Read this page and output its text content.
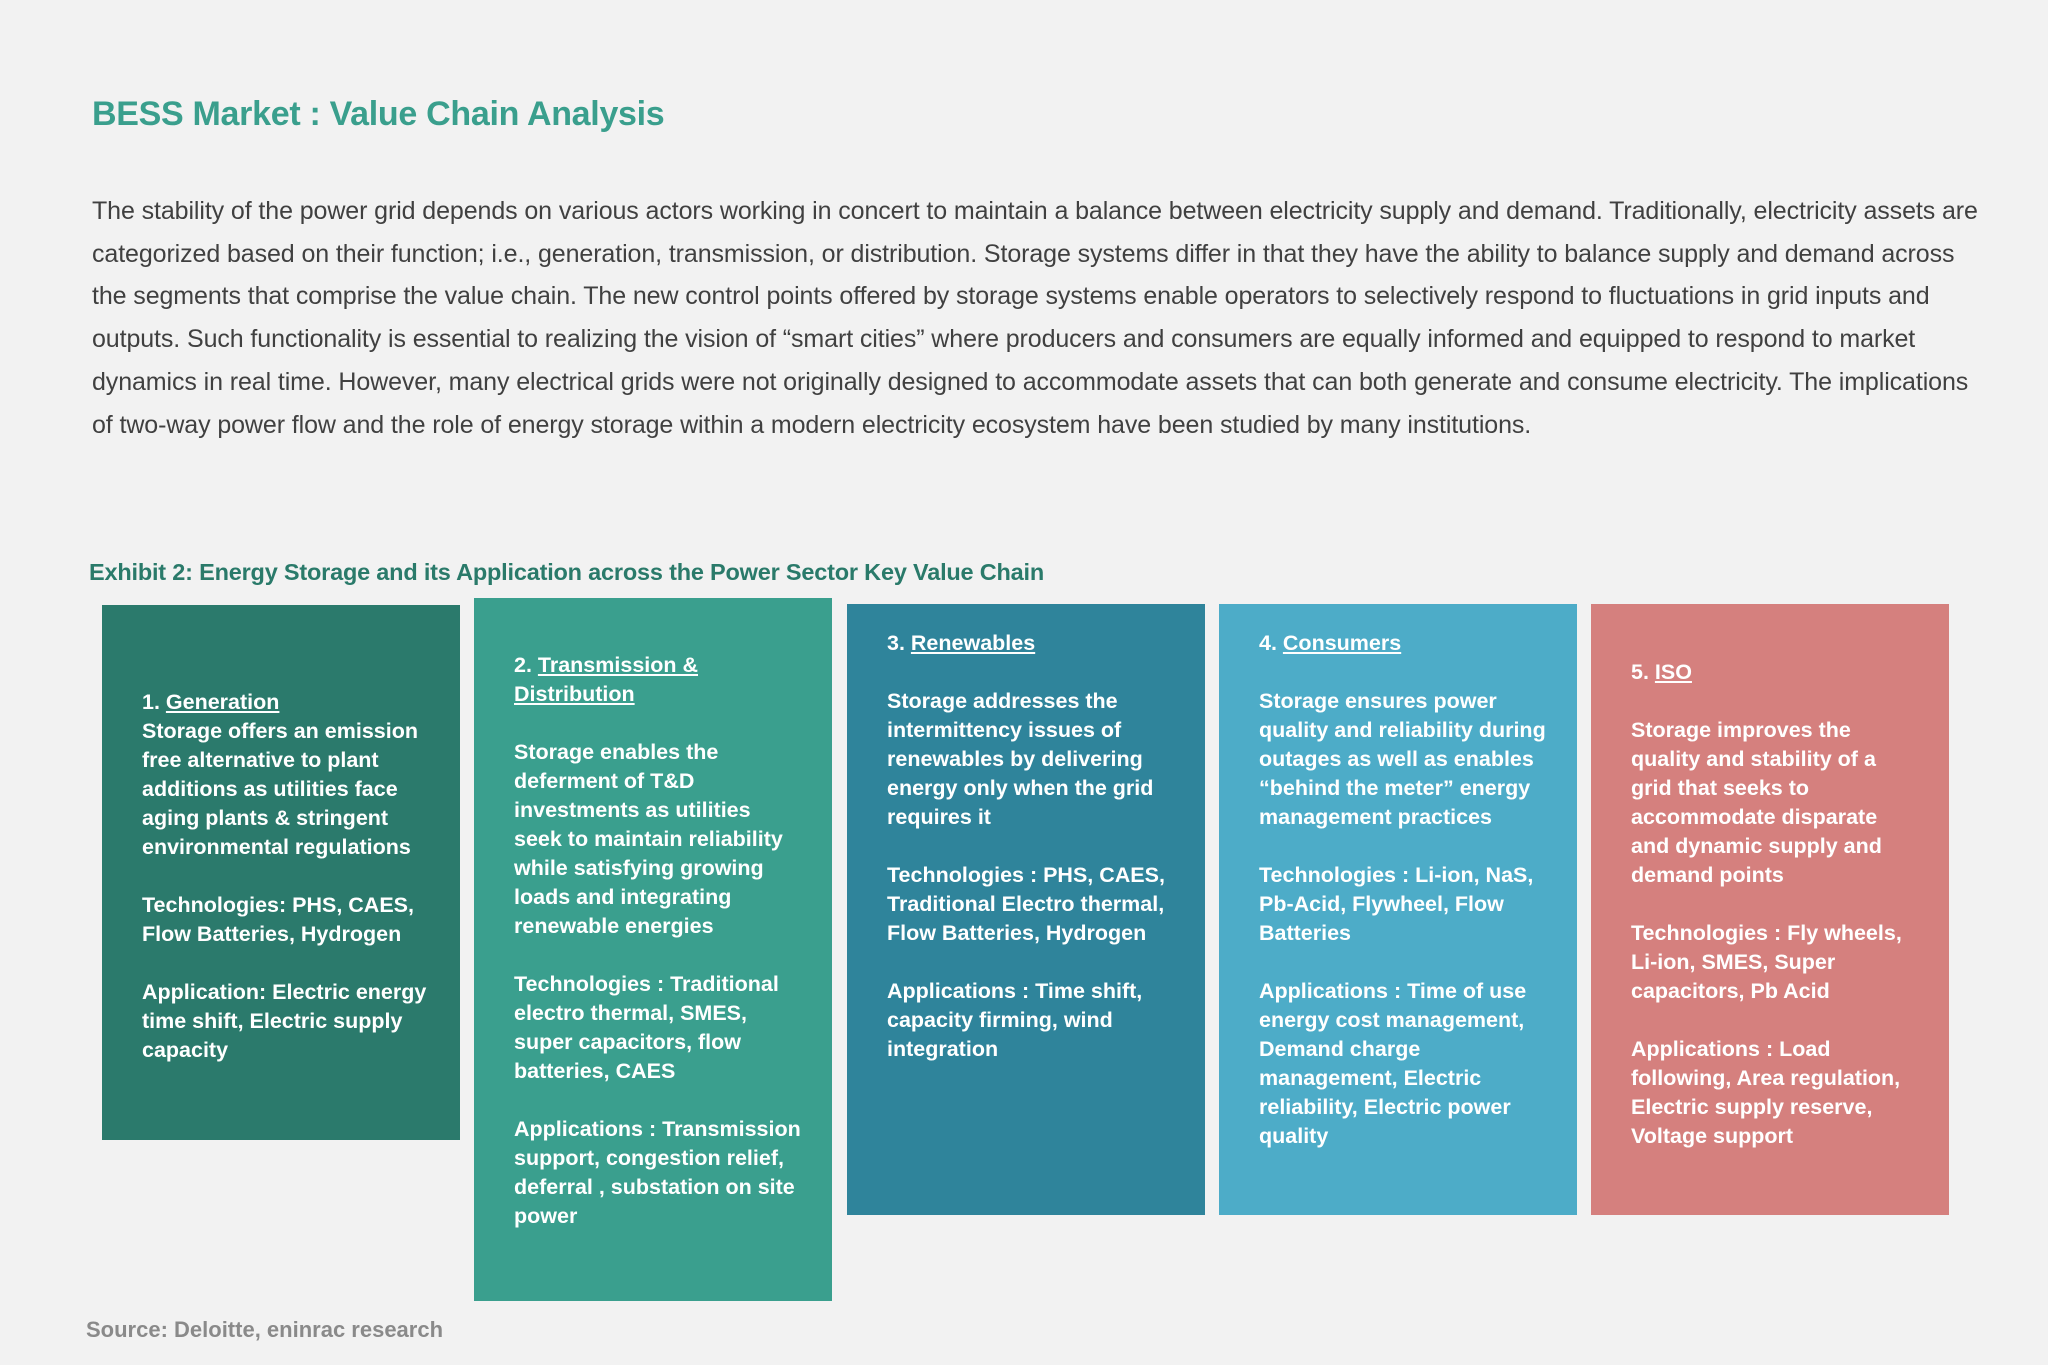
BESS Market : Value Chain Analysis

The stability of the power grid depends on various actors working in concert to maintain a balance between electricity supply and demand. Traditionally, electricity assets are categorized based on their function; i.e., generation, transmission, or distribution. Storage systems differ in that they have the ability to balance supply and demand across the segments that comprise the value chain. The new control points offered by storage systems enable operators to selectively respond to fluctuations in grid inputs and outputs. Such functionality is essential to realizing the vision of “smart cities” where producers and consumers are equally informed and equipped to respond to market dynamics in real time. However, many electrical grids were not originally designed to accommodate assets that can both generate and consume electricity. The implications of two-way power flow and the role of energy storage within a modern electricity ecosystem have been studied by many institutions.

Exhibit 2: Energy Storage and its Application across the Power Sector Key Value Chain

1. Generation
Storage offers an emission free alternative to plant additions as utilities face aging plants & stringent environmental regulations

Technologies: PHS, CAES, Flow Batteries, Hydrogen

Application: Electric energy time shift, Electric supply capacity

2. Transmission & Distribution

Storage enables the deferment of T&D investments as utilities seek to maintain reliability while satisfying growing loads and integrating renewable energies

Technologies : Traditional electro thermal, SMES, super capacitors, flow batteries, CAES

Applications : Transmission support, congestion relief, deferral , substation on site power

3. Renewables

Storage addresses the intermittency issues of renewables by delivering energy only when the grid requires it

Technologies : PHS, CAES, Traditional Electro thermal, Flow Batteries, Hydrogen

Applications : Time shift, capacity firming, wind integration

4. Consumers

Storage ensures power quality and reliability during outages as well as enables “behind the meter” energy management practices

Technologies : Li-ion, NaS, Pb-Acid, Flywheel, Flow Batteries

Applications : Time of use energy cost management, Demand charge management, Electric reliability, Electric power quality

5. ISO

Storage improves the quality and stability of a grid that seeks to accommodate disparate and dynamic supply and demand points

Technologies : Fly wheels, Li-ion, SMES, Super capacitors, Pb Acid

Applications : Load following, Area regulation, Electric supply reserve, Voltage support

Source: Deloitte, eninrac research
